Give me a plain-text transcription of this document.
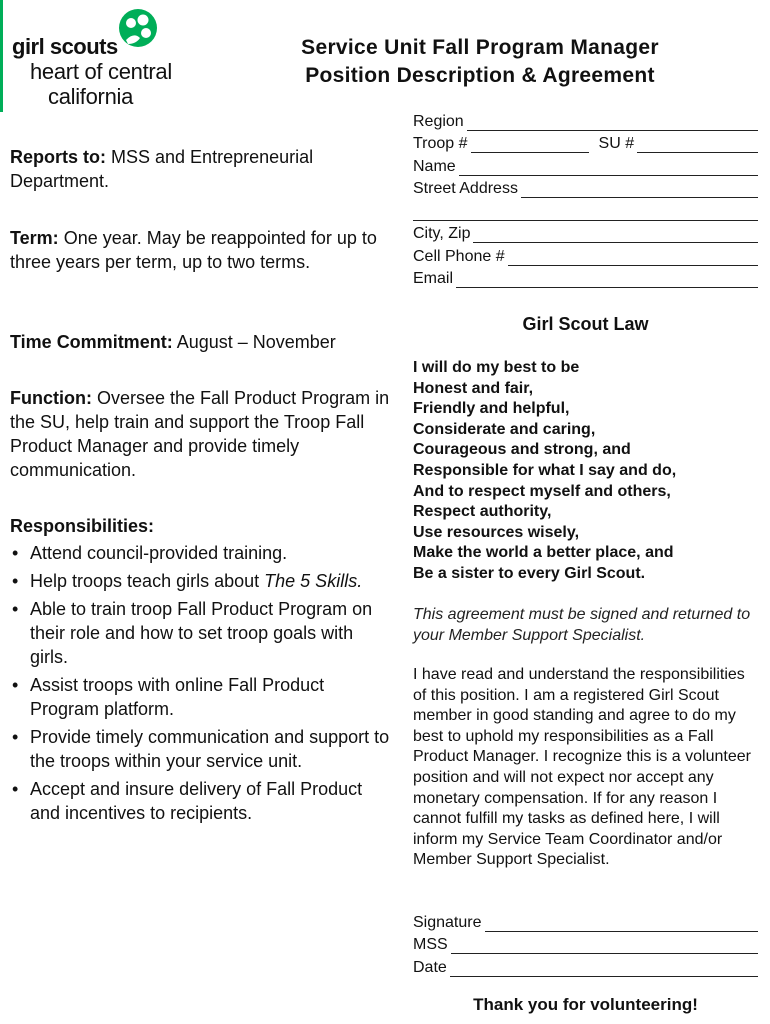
girl scouts
heart of central
california
Service Unit Fall Program Manager
Position Description & Agreement

Reports to: MSS and Entrepreneurial Department.

Term: One year. May be reappointed for up to three years per term, up to two terms.

Time Commitment: August – November

Function: Oversee the Fall Product Program in the SU, help train and support the Troop Fall Product Manager and provide timely communication.

Responsibilities:
• Attend council-provided training.
• Help troops teach girls about The 5 Skills.
• Able to train troop Fall Product Program on their role and how to set troop goals with girls.
• Assist troops with online Fall Product Program platform.
• Provide timely communication and support to the troops within your service unit.
• Accept and insure delivery of Fall Product and incentives to recipients.
Region
Troop #	SU #
Name
Street Address
City, Zip
Cell Phone #
Email
Girl Scout Law
I will do my best to be
Honest and fair,
Friendly and helpful,
Considerate and caring,
Courageous and strong, and
Responsible for what I say and do,
And to respect myself and others,
Respect authority,
Use resources wisely,
Make the world a better place, and
Be a sister to every Girl Scout.
This agreement must be signed and returned to your Member Support Specialist.
I have read and understand the responsibilities of this position. I am a registered Girl Scout member in good standing and agree to do my best to uphold my responsibilities as a Fall Product Manager. I recognize this is a volunteer position and will not expect nor accept any monetary compensation. If for any reason I cannot fulfill my tasks as defined here, I will inform my Service Team Coordinator and/or Member Support Specialist.
Signature
MSS
Date
Thank you for volunteering!
